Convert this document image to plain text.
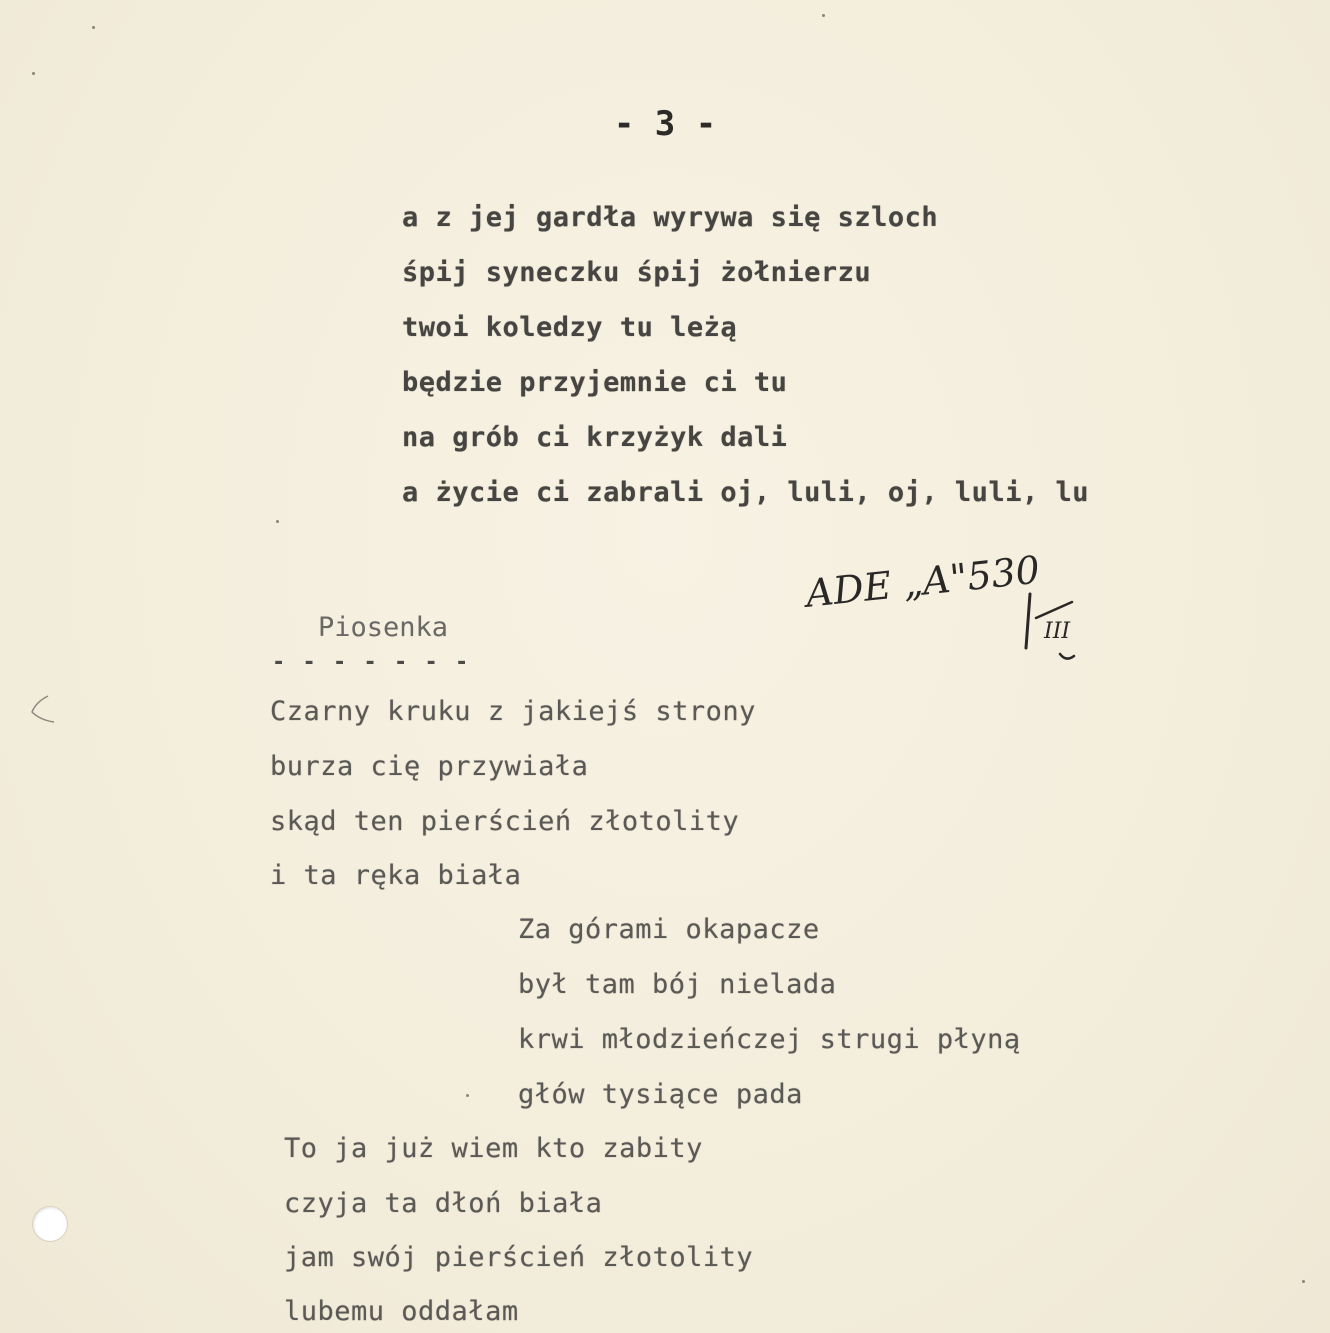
- 3 -
a z jej gardła wyrywa się szloch
śpij syneczku śpij żołnierzu
twoi koledzy tu leżą
będzie przyjemnie ci tu
na grób ci krzyżyk dali
a życie ci zabrali oj, luli, oj, luli, lu
ADE „A"530
III
Piosenka
- - - - - - -
Czarny kruku z jakiejś strony
burza cię przywiała
skąd ten pierścień złotolity
i ta ręka biała
Za górami okapacze
był tam bój nielada
krwi młodzieńczej strugi płyną
głów tysiące pada
To ja już wiem kto zabity
czyja ta dłoń biała
jam swój pierścień złotolity
lubemu oddałam
